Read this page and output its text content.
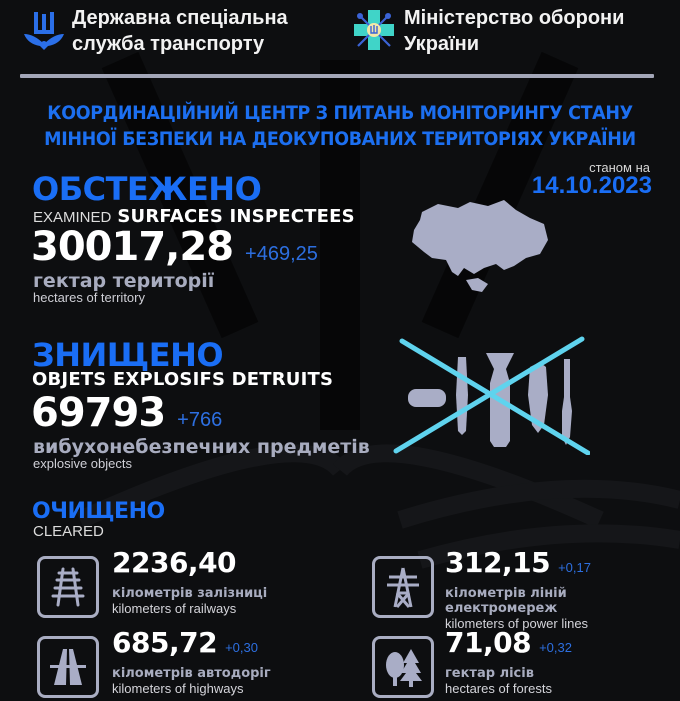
Державна спеціальна
служба транспорту
Міністерство оборони
України
КООРДИНАЦІЙНИЙ ЦЕНТР З ПИТАНЬ МОНІТОРИНГУ СТАНУ
МІННОЇ БЕЗПЕКИ НА ДЕОКУПОВАНИХ ТЕРИТОРІЯХ УКРАЇНИ
станом на
14.10.2023
ОБСТЕЖЕНО
EXAMINED SURFACES INSPECTEES
30017,28 +469,25
гектар території
hectares of territory
ЗНИЩЕНО
OBJETS EXPLOSIFS DETRUITS
69793 +766
вибухонебезпечних предметів
explosive objects
ОЧИЩЕНО
CLEARED
2236,40
кілометрів залізниці
kilometers of railways
312,15 +0,17
кілометрів ліній електромереж
kilometers of power lines
685,72 +0,30
кілометрів автодоріг
kilometers of highways
71,08 +0,32
гектар лісів
hectares of forests
